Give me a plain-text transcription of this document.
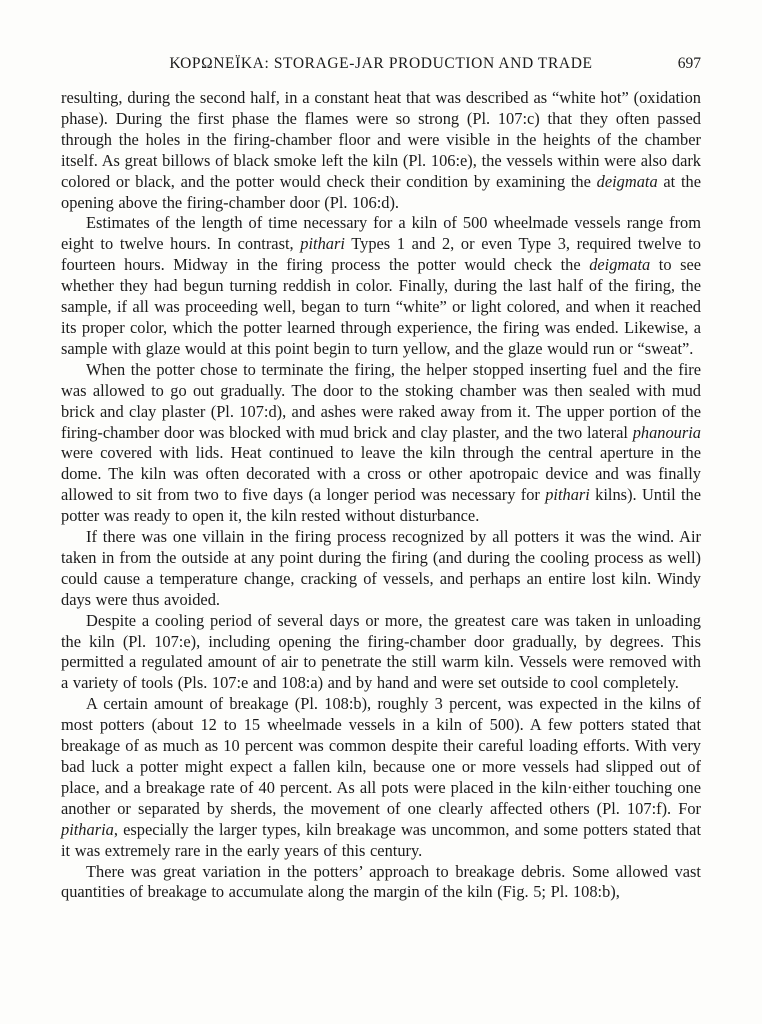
ΚΟΡΩΝΕΪΚΑ: STORAGE-JAR PRODUCTION AND TRADE	697

resulting, during the second half, in a constant heat that was described as “white hot” (oxidation phase). During the first phase the flames were so strong (Pl. 107:c) that they often passed through the holes in the firing-chamber floor and were visible in the heights of the chamber itself. As great billows of black smoke left the kiln (Pl. 106:e), the vessels within were also dark colored or black, and the potter would check their condition by examining the deigmata at the opening above the firing-chamber door (Pl. 106:d).

Estimates of the length of time necessary for a kiln of 500 wheelmade vessels range from eight to twelve hours. In contrast, pithari Types 1 and 2, or even Type 3, required twelve to fourteen hours. Midway in the firing process the potter would check the deigmata to see whether they had begun turning reddish in color. Finally, during the last half of the firing, the sample, if all was proceeding well, began to turn “white” or light colored, and when it reached its proper color, which the potter learned through experience, the firing was ended. Likewise, a sample with glaze would at this point begin to turn yellow, and the glaze would run or “sweat”.

When the potter chose to terminate the firing, the helper stopped inserting fuel and the fire was allowed to go out gradually. The door to the stoking chamber was then sealed with mud brick and clay plaster (Pl. 107:d), and ashes were raked away from it. The upper portion of the firing-chamber door was blocked with mud brick and clay plaster, and the two lateral phanouria were covered with lids. Heat continued to leave the kiln through the central aperture in the dome. The kiln was often decorated with a cross or other apotropaic device and was finally allowed to sit from two to five days (a longer period was necessary for pithari kilns). Until the potter was ready to open it, the kiln rested without disturbance.

If there was one villain in the firing process recognized by all potters it was the wind. Air taken in from the outside at any point during the firing (and during the cooling process as well) could cause a temperature change, cracking of vessels, and perhaps an entire lost kiln. Windy days were thus avoided.

Despite a cooling period of several days or more, the greatest care was taken in unloading the kiln (Pl. 107:e), including opening the firing-chamber door gradually, by degrees. This permitted a regulated amount of air to penetrate the still warm kiln. Vessels were removed with a variety of tools (Pls. 107:e and 108:a) and by hand and were set outside to cool completely.

A certain amount of breakage (Pl. 108:b), roughly 3 percent, was expected in the kilns of most potters (about 12 to 15 wheelmade vessels in a kiln of 500). A few potters stated that breakage of as much as 10 percent was common despite their careful loading efforts. With very bad luck a potter might expect a fallen kiln, because one or more vessels had slipped out of place, and a breakage rate of 40 percent. As all pots were placed in the kiln·either touching one another or separated by sherds, the movement of one clearly affected others (Pl. 107:f). For pitharia, especially the larger types, kiln breakage was uncommon, and some potters stated that it was extremely rare in the early years of this century.

There was great variation in the potters’ approach to breakage debris. Some allowed vast quantities of breakage to accumulate along the margin of the kiln (Fig. 5; Pl. 108:b),
